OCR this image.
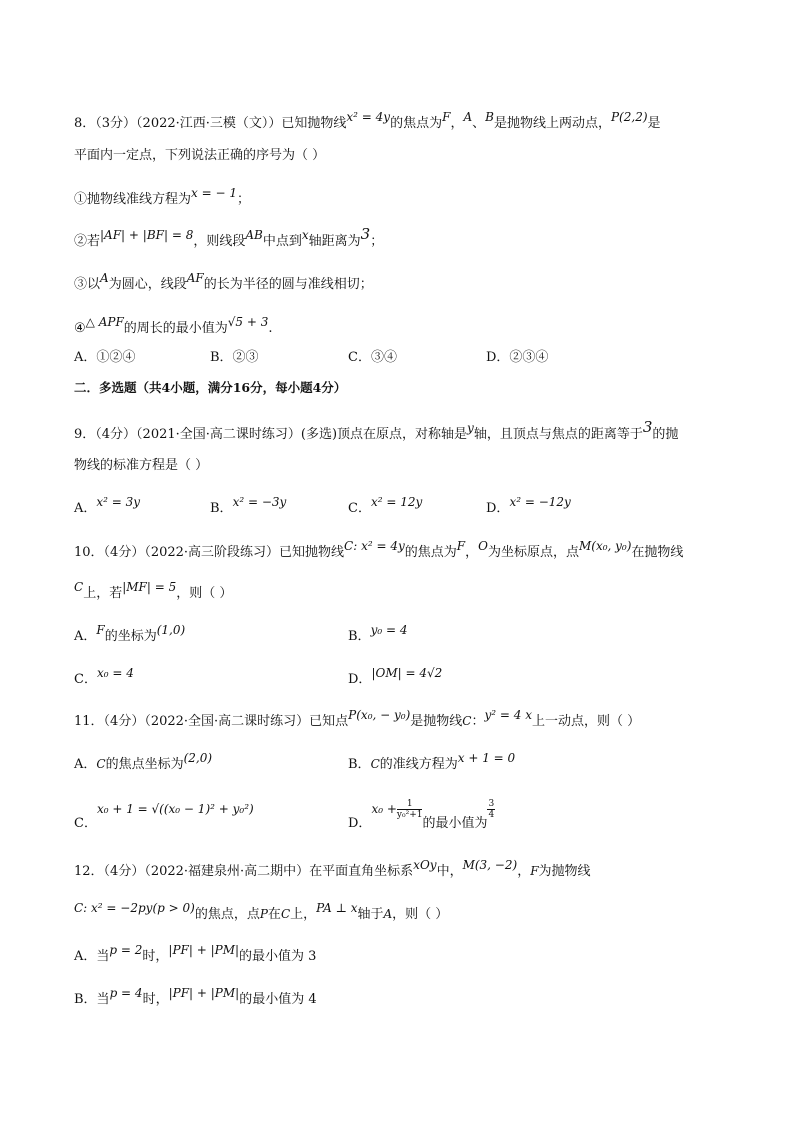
8．（3分）（2022·江西·三模（文））已知抛物线x² = 4y的焦点为F，A、B是抛物线上两动点，P(2,2)是
平面内一定点，下列说法正确的序号为（ ）
①抛物线准线方程为x = − 1；
②若|AF| + |BF| = 8，则线段AB中点到x轴距离为3；
③以A为圆心，线段AF的长为半径的圆与准线相切；
④△ APF的周长的最小值为√5 + 3.
A．①②④	B．②③	C．③④	D．②③④
二．多选题（共4小题，满分16分，每小题4分）
9．（4分）（2021·全国·高二课时练习）(多选)顶点在原点，对称轴是y轴，且顶点与焦点的距离等于3的抛
物线的标准方程是（ ）
A．x² = 3y	B．x² = −3y	C．x² = 12y	D．x² = −12y
10．（4分）（2022·高三阶段练习）已知抛物线C: x² = 4y的焦点为F，O为坐标原点，点M(x₀, y₀)在抛物线
C上，若|MF| = 5，则（ ）
A．F的坐标为(1,0)	B．y₀ = 4
C．x₀ = 4	D．|OM| = 4√2
11．（4分）（2022·全国·高二课时练习）已知点P(x₀, − y₀)是抛物线C：y² = 4 x上一动点，则（ ）
A．C的焦点坐标为(2,0)	B．C的准线方程为x + 1 = 0
C．x₀ + 1 = √((x₀ − 1)² + y₀²)
D．$x_0 + \frac{1}{\text{y₀²+1}}$
的最小值为
$\frac{3}{4}$
12．（4分）（2022·福建泉州·高二期中）在平面直角坐标系xOy中，M(3, −2)，F为抛物线
C: x² = −2py(p > 0)的焦点，点P在C上，PA ⊥ x轴于A，则（ ）
A．当p = 2时，|PF| + |PM|的最小值为 3
B．当p = 4时，|PF| + |PM|的最小值为 4
